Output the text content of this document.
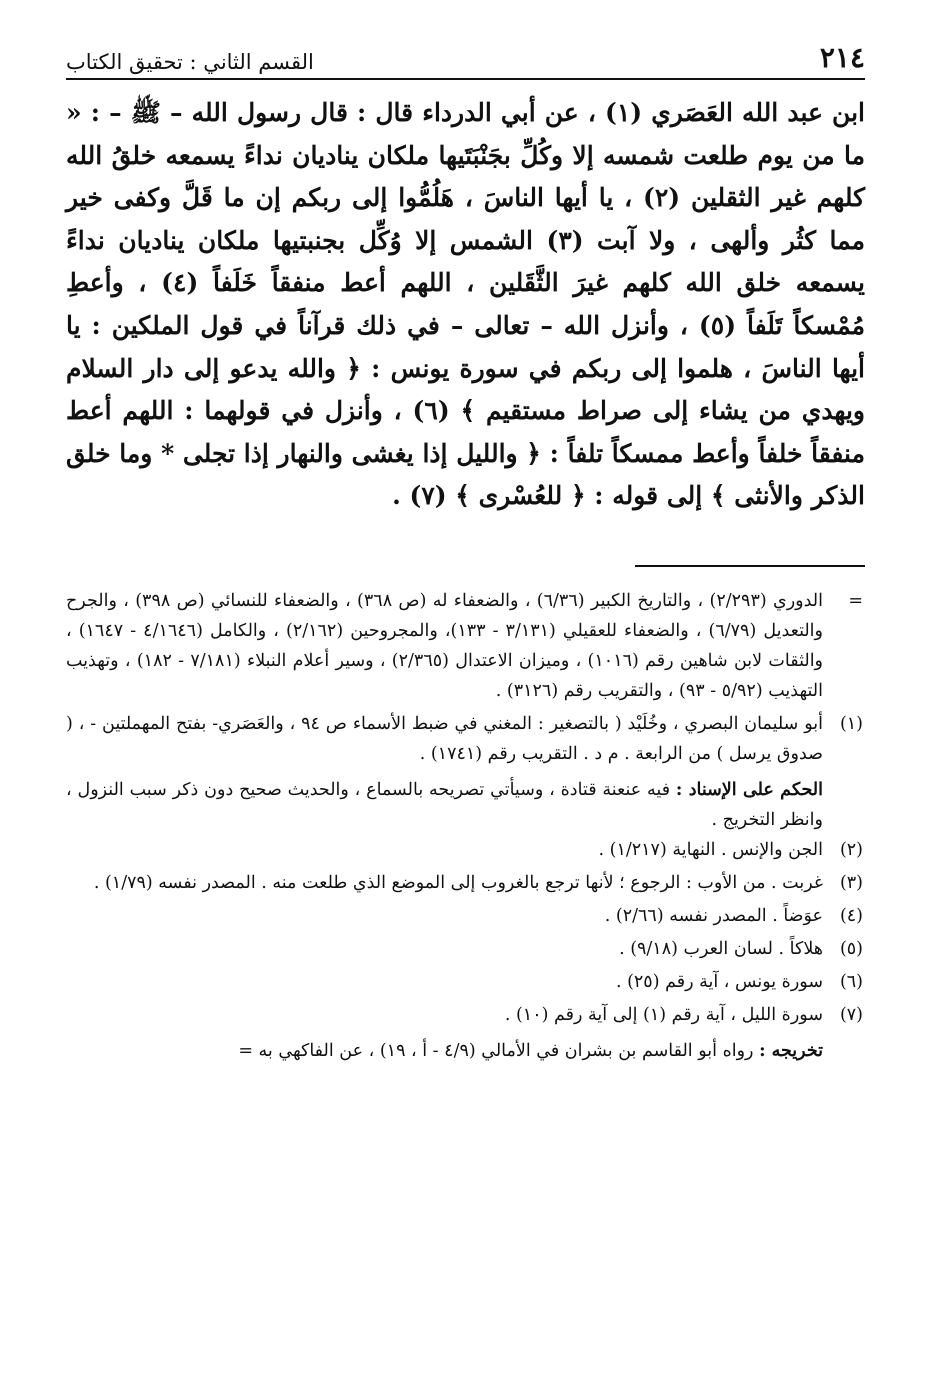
٢١٤
القسم الثاني : تحقيق الكتاب

ابن عبد الله العَصَري (١) ، عن أبي الدرداء قال : قال رسول الله – ﷺ – : « ما من يوم طلعت شمسه إلا وكُلِّ بجَنْبَتَيها ملكان يناديان نداءً يسمعه خلقُ الله كلهم غير الثقلين (٢) ، يا أيها الناسَ ، هَلُمُّوا إلى ربكم إن ما قَلَّ وكفى خير مما كثُر وألهى ، ولا آبت (٣) الشمس إلا وُكِّل بجنبتيها ملكان يناديان نداءً يسمعه خلق الله كلهم غيرَ الثَّقَلين ، اللهم أعط منفقاً خَلَفاً (٤) ، وأعطِ مُمْسكاً تَلَفاً (٥) ، وأنزل الله – تعالى – في ذلك قرآناً في قول الملكين : يا أيها الناسَ ، هلموا إلى ربكم في سورة يونس : ﴿ والله يدعو إلى دار السلام ويهدي من يشاء إلى صراط مستقيم ﴾ (٦) ، وأنزل في قولهما : اللهم أعط منفقاً خلفاً وأعط ممسكاً تلفاً : ﴿ والليل إذا يغشى والنهار إذا تجلى * وما خلق الذكر والأنثى ﴾ إلى قوله : ﴿ للعُسْرى ﴾ (٧) .

=
الدوري (٢/٢٩٣) ، والتاريخ الكبير (٦/٣٦) ، والضعفاء له (ص ٣٦٨) ، والضعفاء للنسائي (ص ٣٩٨) ، والجرح والتعديل (٦/٧٩) ، والضعفاء للعقيلي (٣/١٣١ - ١٣٣)، والمجروحين (٢/١٦٢) ، والكامل (٤/١٦٤٦ - ١٦٤٧) ، والثقات لابن شاهين رقم (١٠١٦) ، وميزان الاعتدال (٢/٣٦٥) ، وسير أعلام النبلاء (٧/١٨١ - ١٨٢) ، وتهذيب التهذيب (٥/٩٢ - ٩٣) ، والتقريب رقم (٣١٢٦) .
(١)
أبو سليمان البصري ، وخُلَيْد ( بالتصغير : المغني في ضبط الأسماء ص ٩٤ ، والعَصَري- بفتح المهملتين - ، ( صدوق يرسل ) من الرابعة . م د . التقريب رقم (١٧٤١) .
الحكم على الإسناد : فيه عنعنة قتادة ، وسيأتي تصريحه بالسماع ، والحديث صحيح دون ذكر سبب النزول ، وانظر التخريج .
(٢)
الجن والإنس . النهاية (١/٢١٧) .
(٣)
غربت . من الأوب : الرجوع ؛ لأنها ترجع بالغروب إلى الموضع الذي طلعت منه . المصدر نفسه (١/٧٩) .
(٤)
عوَضاً . المصدر نفسه (٢/٦٦) .
(٥)
هلاكاً . لسان العرب (٩/١٨) .
(٦)
سورة يونس ، آية رقم (٢٥) .
(٧)
سورة الليل ، آية رقم (١) إلى آية رقم (١٠) .
تخريجه : رواه أبو القاسم بن بشران في الأمالي (٤/٩ - أ ، ١٩) ، عن الفاكهي به =
